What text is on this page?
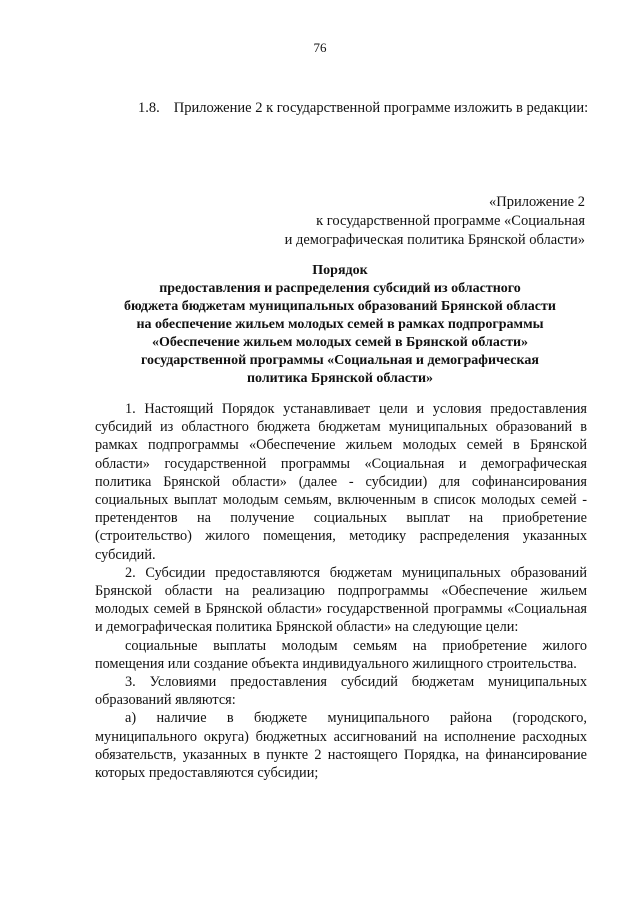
76
1.8. Приложение 2 к государственной программе изложить в редакции:
«Приложение 2
к государственной программе «Социальная
и демографическая политика Брянской области»
Порядок
предоставления и распределения субсидий из областного
бюджета бюджетам муниципальных образований Брянской области
на обеспечение жильем молодых семей в рамках подпрограммы
«Обеспечение жильем молодых семей в Брянской области»
государственной программы «Социальная и демографическая
политика Брянской области»

1. Настоящий Порядок устанавливает цели и условия предоставления субсидий из областного бюджета бюджетам муниципальных образований в рамках подпрограммы «Обеспечение жильем молодых семей в Брянской области» государственной программы «Социальная и демографическая политика Брянской области» (далее - субсидии) для софинансирования социальных выплат молодым семьям, включенным в список молодых семей - претендентов на получение социальных выплат на приобретение (строительство) жилого помещения, методику распределения указанных субсидий.

2. Субсидии предоставляются бюджетам муниципальных образований Брянской области на реализацию подпрограммы «Обеспечение жильем молодых семей в Брянской области» государственной программы «Социальная и демографическая политика Брянской области» на следующие цели:

социальные выплаты молодым семьям на приобретение жилого помещения или создание объекта индивидуального жилищного строительства.

3. Условиями предоставления субсидий бюджетам муниципальных образований являются:

а) наличие в бюджете муниципального района (городского, муниципального округа) бюджетных ассигнований на исполнение расходных обязательств, указанных в пункте 2 настоящего Порядка, на финансирование которых предоставляются субсидии;
